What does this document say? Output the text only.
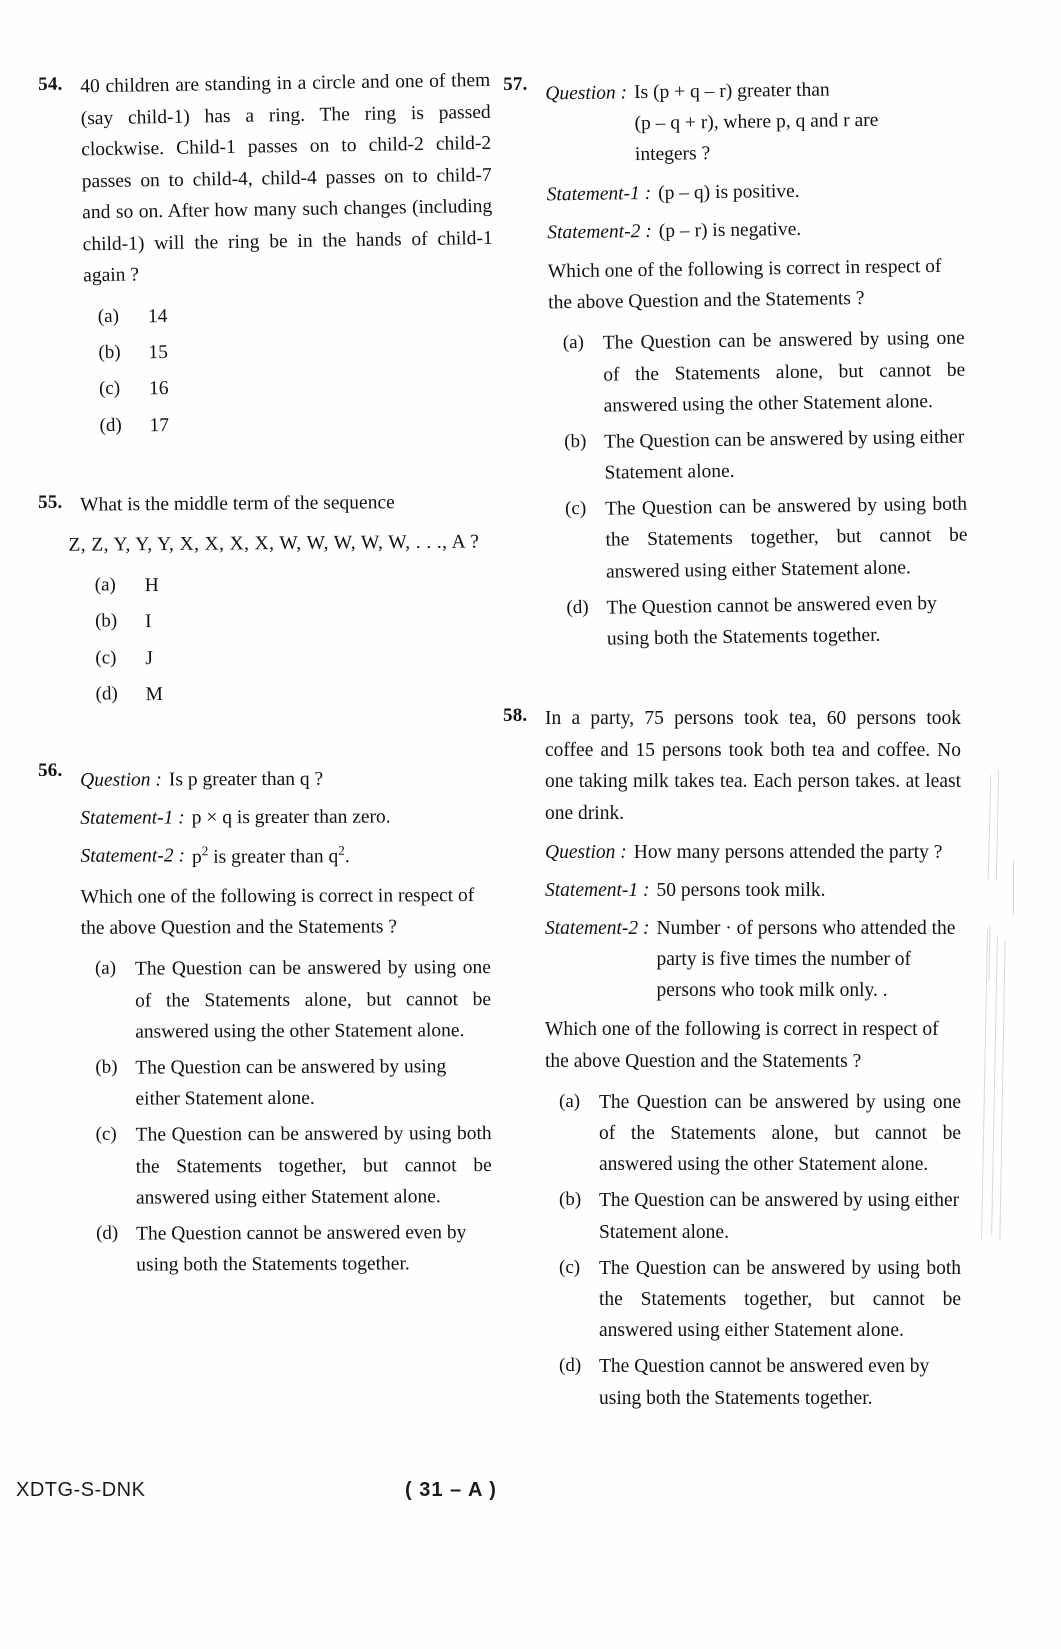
54. 40 children are standing in a circle and one of them (say child-1) has a ring. The ring is passed clockwise. Child-1 passes on to child-2 child-2 passes on to child-4, child-4 passes on to child-7 and so on. After how many such changes (including child-1) will the ring be in the hands of child-1 again ?

(a)	14
(b)	15
(c)	16
(d)	17
55. What is the middle term of the sequence

Z, Z, Y, Y, Y, X, X, X, X, W, W, W, W, W, . . ., A ?

(a)	H
(b)	I
(c)	J
(d)	M
56. Question : Is p greater than q ?
Statement-1 : p × q is greater than zero.
Statement-2 : $p^2$ is greater than $q^2$.

Which one of the following is correct in respect of the above Question and the Statements ?

(a) The Question can be answered by using one of the Statements alone, but cannot be answered using the other Statement alone.
(b) The Question can be answered by using either Statement alone.
(c) The Question can be answered by using both the Statements together, but cannot be answered using either Statement alone.
(d) The Question cannot be answered even by using both the Statements together.
57. Question : Is (p + q – r) greater than
(p – q + r), where p, q and r are
integers ?
Statement-1 : (p – q) is positive.
Statement-2 : (p – r) is negative.

Which one of the following is correct in respect of the above Question and the Statements ?

(a) The Question can be answered by using one of the Statements alone, but cannot be answered using the other Statement alone.
(b) The Question can be answered by using either Statement alone.
(c) The Question can be answered by using both the Statements together, but cannot be answered using either Statement alone.
(d) The Question cannot be answered even by using both the Statements together.
58. In a party, 75 persons took tea, 60 persons took coffee and 15 persons took both tea and coffee. No one taking milk takes tea. Each person takes. at least one drink.

Question : How many persons attended the party ?
Statement-1 : 50 persons took milk.
Statement-2 : Number · of persons who attended the party is five times the number of persons who took milk only. .

Which one of the following is correct in respect of the above Question and the Statements ?

(a) The Question can be answered by using one of the Statements alone, but cannot be answered using the other Statement alone.
(b) The Question can be answered by using either Statement alone.
(c) The Question can be answered by using both the Statements together, but cannot be answered using either Statement alone.
(d) The Question cannot be answered even by using both the Statements together.
XDTG-S-DNK	( 31 – A )
